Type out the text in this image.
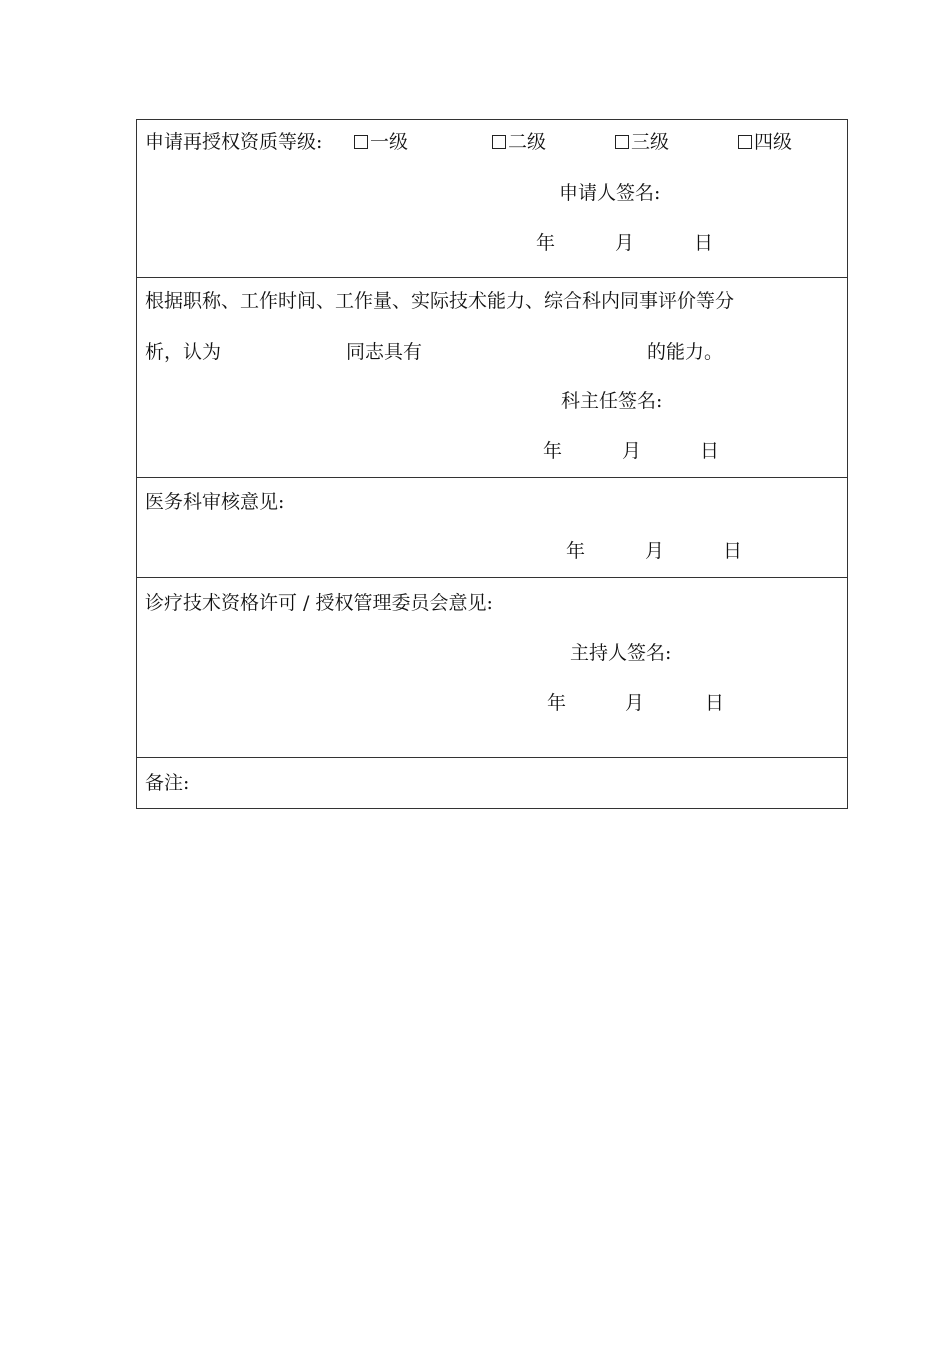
申请再授权资质等级:	一级	二级	三级	四级
申请人签名:
年	月	日
根据职称、工作时间、工作量、实际技术能力、综合科内同事评价等分
析，认为	同志具有	的能力。
科主任签名:
年	月	日
医务科审核意见:
年	月	日
诊疗技术资格许可 / 授权管理委员会意见:
主持人签名:
年	月	日
备注:
